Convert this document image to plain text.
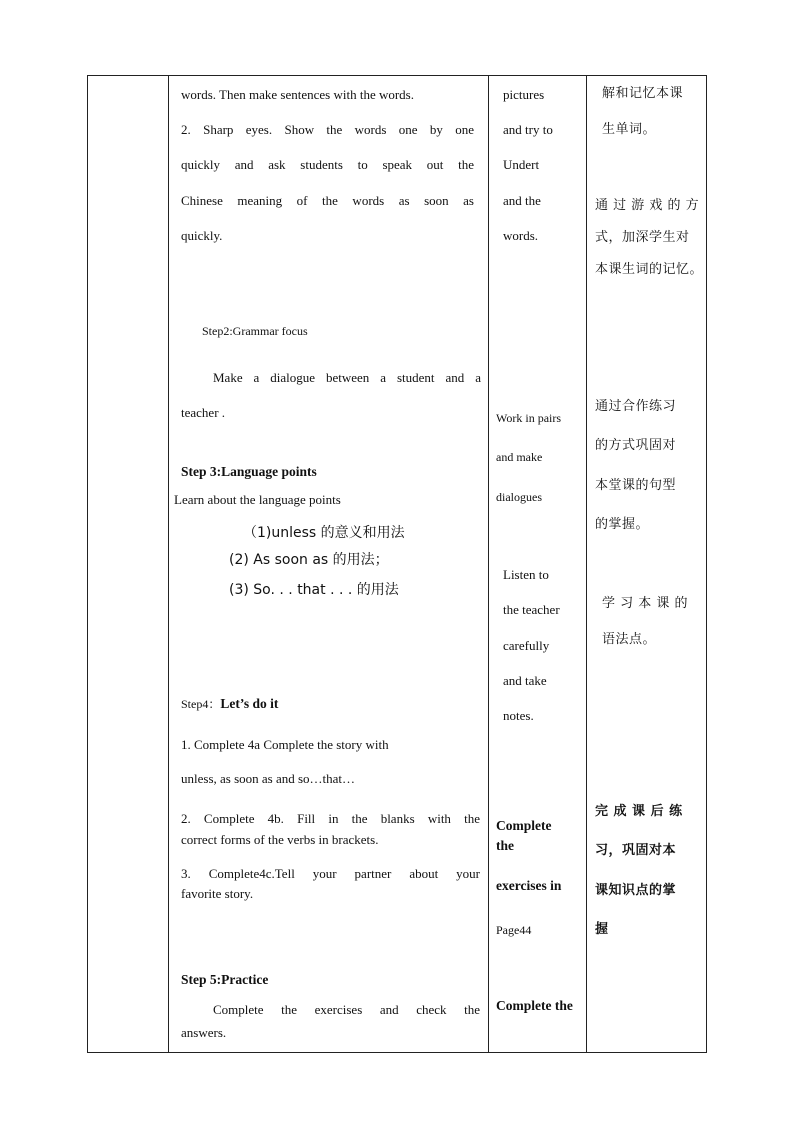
words. Then make sentences with the words.
2. Sharp eyes. Show the words one by one
quickly and ask students to speak out the
Chinese meaning of the words as soon as
quickly.
Step2:Grammar focus
Make a dialogue between a student and a
teacher .
Step 3:Language points
Learn about the language points
（1)unless 的意义和用法
(2) As soon as 的用法；
(3) So. . . that . . . 的用法
Step4：Let’s do it
1. Complete 4a Complete the story with
unless, as soon as and so…that…
2. Complete 4b. Fill in the blanks with the
correct forms of the verbs in brackets.
3. Complete4c.Tell your partner about your
favorite story.
Step 5:Practice
Complete the exercises and check the
answers.
pictures
and try to
Undert
and the
words.
Work in pairs
and make
dialogues
Listen to
the teacher
carefully
and take
notes.
Complete
the
exercises in
Page44
Complete the
解和记忆本课
生单词。
通 过 游 戏 的 方
式，加深学生对
本课生词的记忆。
通过合作练习
的方式巩固对
本堂课的句型
的掌握。
学 习 本 课 的
语法点。
完 成 课 后 练
习，巩固对本
课知识点的掌
握
